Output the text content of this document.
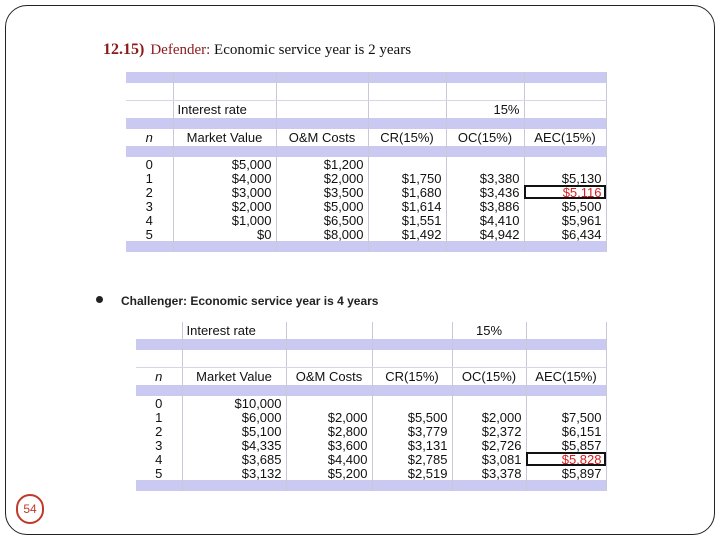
12.15) Defender: Economic service year is 2 years

	Interest rate			15%	

n	Market Value	O&M Costs	CR(15%)	OC(15%)	AEC(15%)

0	$5,000	$1,200			
1	$4,000	$2,000	$1,750	$3,380	$5,130
2	$3,000	$3,500	$1,680	$3,436	$5,116
3	$2,000	$5,000	$1,614	$3,886	$5,500
4	$1,000	$6,500	$1,551	$4,410	$5,961
5	$0	$8,000	$1,492	$4,942	$6,434

Challenger: Economic service year is 4 years
	Interest rate			15%	

n	Market Value	O&M Costs	CR(15%)	OC(15%)	AEC(15%)

0	$10,000				
1	$6,000	$2,000	$5,500	$2,000	$7,500
2	$5,100	$2,800	$3,779	$2,372	$6,151
3	$4,335	$3,600	$3,131	$2,726	$5,857
4	$3,685	$4,400	$2,785	$3,081	$5,828
5	$3,132	$5,200	$2,519	$3,378	$5,897

54
